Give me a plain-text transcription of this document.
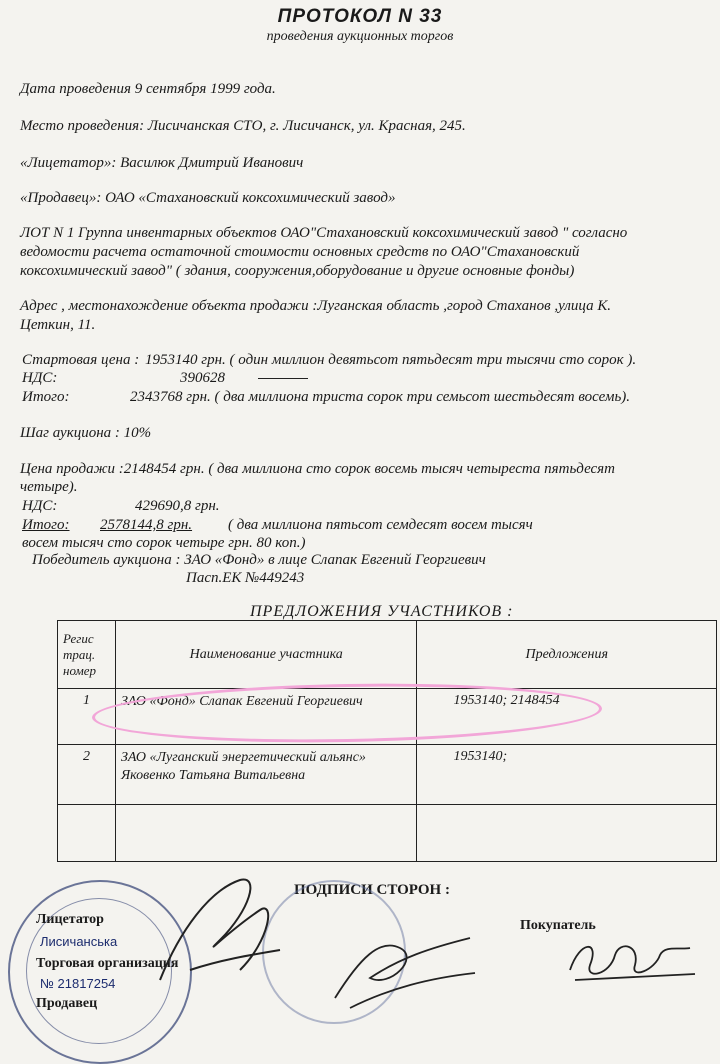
ПРОТОКОЛ N 33
проведения аукционных торгов
Дата проведения 9 сентября 1999 года.
Место проведения: Лисичанская СТО, г. Лисичанск, ул. Красная, 245.
«Лицетатор»: Василюк Дмитрий Иванович
«Продавец»: ОАО «Стахановский коксохимический завод»
ЛОТ N 1 Группа инвентарных объектов ОАО"Стахановский коксохимический завод " согласно
ведомости расчета остаточной стоимости основных средств по ОАО"Стахановский
коксохимический завод" ( здания, сооружения,оборудование и другие основные фонды)
Адрес , местонахождение объекта продажи :Луганская область ,город Стаханов ,улица К.
Цеткин, 11.
Стартовая цена : 1953140 грн. ( один миллион девятьсот пятьдесят три тысячи сто сорок ).
НДС:	390628
Итого:	2343768 грн. ( два миллиона триста сорок три семьсот шестьдесят восемь).
Шаг аукциона : 10%
Цена продажи :2148454 грн. ( два миллиона сто сорок восемь тысяч четыреста пятьдесят
четыре).
НДС:	429690,8 грн.
Итого: 2578144,8 грн. ( два миллиона пятьсот семдесят восем тысяч
восем тысяч сто сорок четыре грн. 80 коп.)
Победитель аукциона : ЗАО «Фонд» в лице Слапак Евгений Георгиевич
Пасп.ЕК №449243
ПРЕДЛОЖЕНИЯ УЧАСТНИКОВ :
Регис трац. номер	Наименование участника	Предложения
1	ЗАО «Фонд» Слапак Евгений Георгиевич	1953140; 2148454
2	ЗАО «Луганский энергетический альянс» Яковенко Татьяна Витальевна	1953140;

ПОДПИСИ СТОРОН :
Покупатель
Лицетатор
Лисичанська
Торговая организация
№ 21817254
Продавец
